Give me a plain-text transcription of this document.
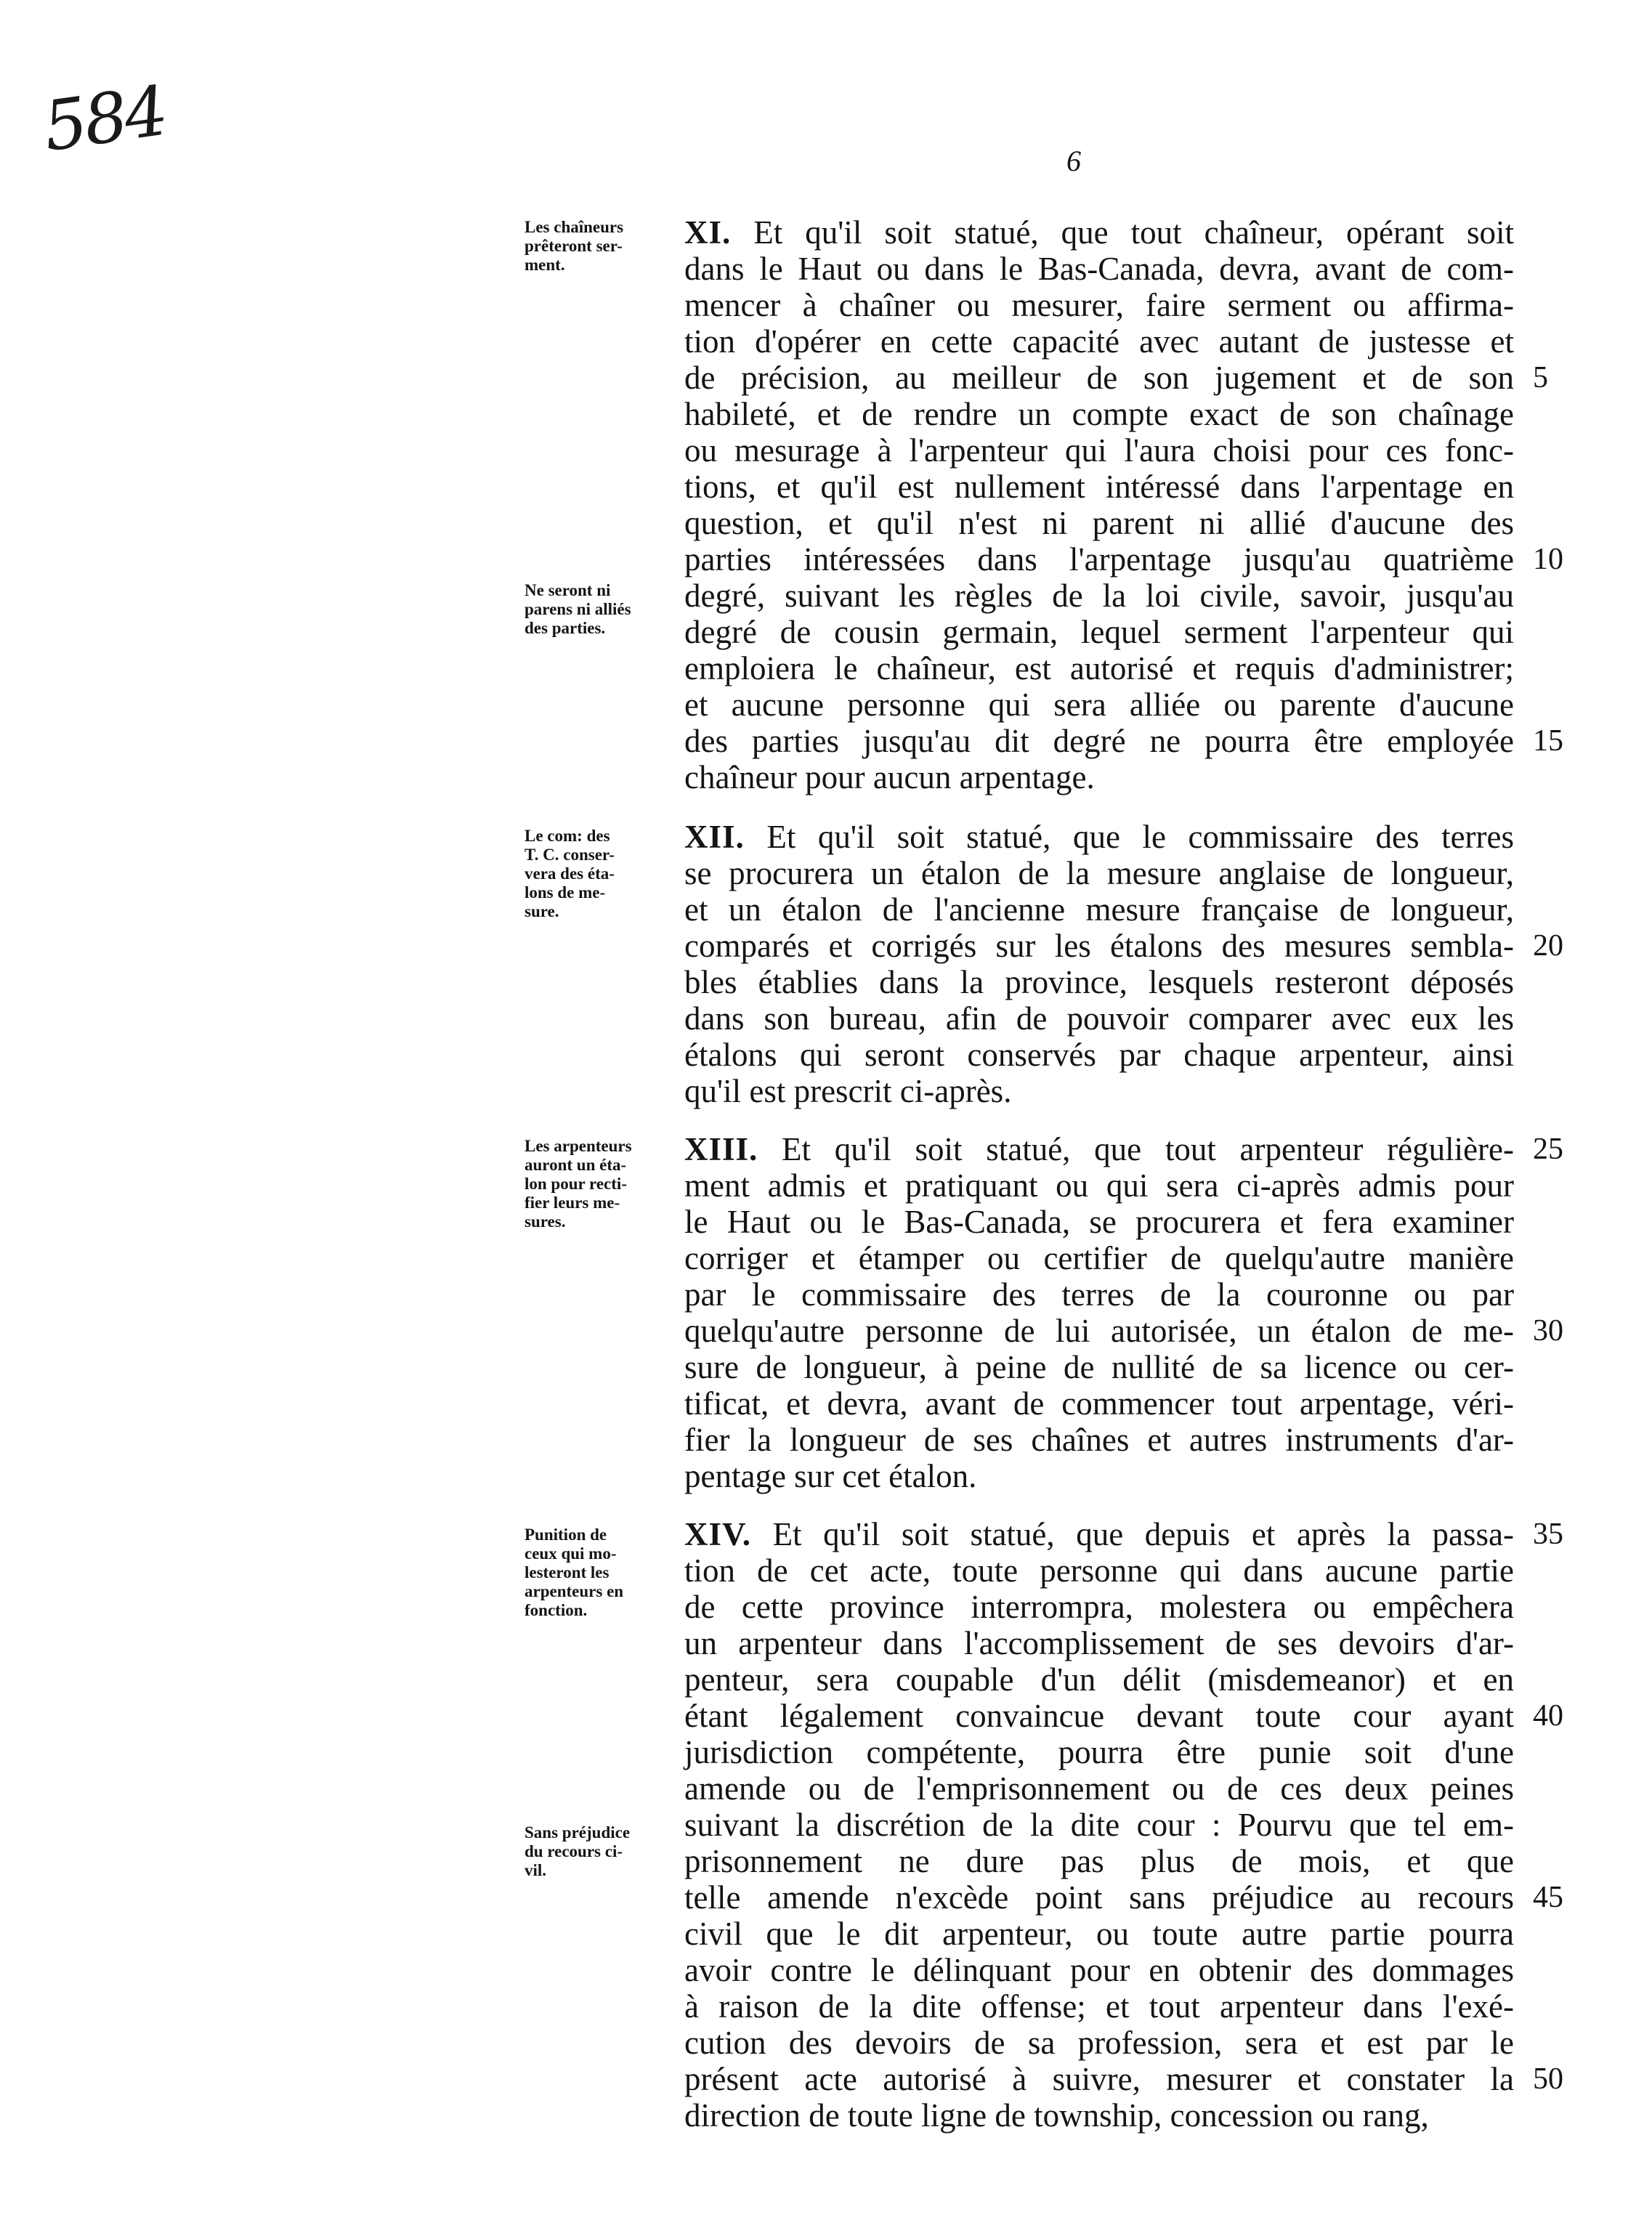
584	6
Les chaîneurs
prêteront ser-
ment.
Ne seront ni
parens ni alliés
des parties.
Le com: des
T. C. conser-
vera des éta-
lons de me-
sure.
Les arpenteurs
auront un éta-
lon pour recti-
fier leurs me-
sures.
Punition de
ceux qui mo-
lesteront les
arpenteurs en
fonction.
Sans préjudice
du recours ci-
vil.
XI. Et qu'il soit statué, que tout chaîneur, opérant soit
dans le Haut ou dans le Bas-Canada, devra, avant de com-
mencer à chaîner ou mesurer, faire serment ou affirma-
tion d'opérer en cette capacité avec autant de justesse et
de précision, au meilleur de son jugement et de son
habileté, et de rendre un compte exact de son chaînage
ou mesurage à l'arpenteur qui l'aura choisi pour ces fonc-
tions, et qu'il est nullement intéressé dans l'arpentage en
question, et qu'il n'est ni parent ni allié d'aucune des
parties intéressées dans l'arpentage jusqu'au quatrième
degré, suivant les règles de la loi civile, savoir, jusqu'au
degré de cousin germain, lequel serment l'arpenteur qui
emploiera le chaîneur, est autorisé et requis d'administrer;
et aucune personne qui sera alliée ou parente d'aucune
des parties jusqu'au dit degré ne pourra être employée
chaîneur pour aucun arpentage.
XII. Et qu'il soit statué, que le commissaire des terres
se procurera un étalon de la mesure anglaise de longueur,
et un étalon de l'ancienne mesure française de longueur,
comparés et corrigés sur les étalons des mesures sembla-
bles établies dans la province, lesquels resteront déposés
dans son bureau, afin de pouvoir comparer avec eux les
étalons qui seront conservés par chaque arpenteur, ainsi
qu'il est prescrit ci-après.
XIII. Et qu'il soit statué, que tout arpenteur régulière-
ment admis et pratiquant ou qui sera ci-après admis pour
le Haut ou le Bas-Canada, se procurera et fera examiner
corriger et étamper ou certifier de quelqu'autre manière
par le commissaire des terres de la couronne ou par
quelqu'autre personne de lui autorisée, un étalon de me-
sure de longueur, à peine de nullité de sa licence ou cer-
tificat, et devra, avant de commencer tout arpentage, véri-
fier la longueur de ses chaînes et autres instruments d'ar-
pentage sur cet étalon.
XIV. Et qu'il soit statué, que depuis et après la passa-
tion de cet acte, toute personne qui dans aucune partie
de cette province interrompra, molestera ou empêchera
un arpenteur dans l'accomplissement de ses devoirs d'ar-
penteur, sera coupable d'un délit (misdemeanor) et en
étant légalement convaincue devant toute cour ayant
jurisdiction compétente, pourra être punie soit d'une
amende ou de l'emprisonnement ou de ces deux peines
suivant la discrétion de la dite cour : Pourvu que tel em-
prisonnement ne dure pas plus de mois, et que
telle amende n'excède point sans préjudice au recours
civil que le dit arpenteur, ou toute autre partie pourra
avoir contre le délinquant pour en obtenir des dommages
à raison de la dite offense; et tout arpenteur dans l'exé-
cution des devoirs de sa profession, sera et est par le
présent acte autorisé à suivre, mesurer et constater la
direction de toute ligne de township, concession ou rang,
5
10
15
20
25
30
35
40
45
50
